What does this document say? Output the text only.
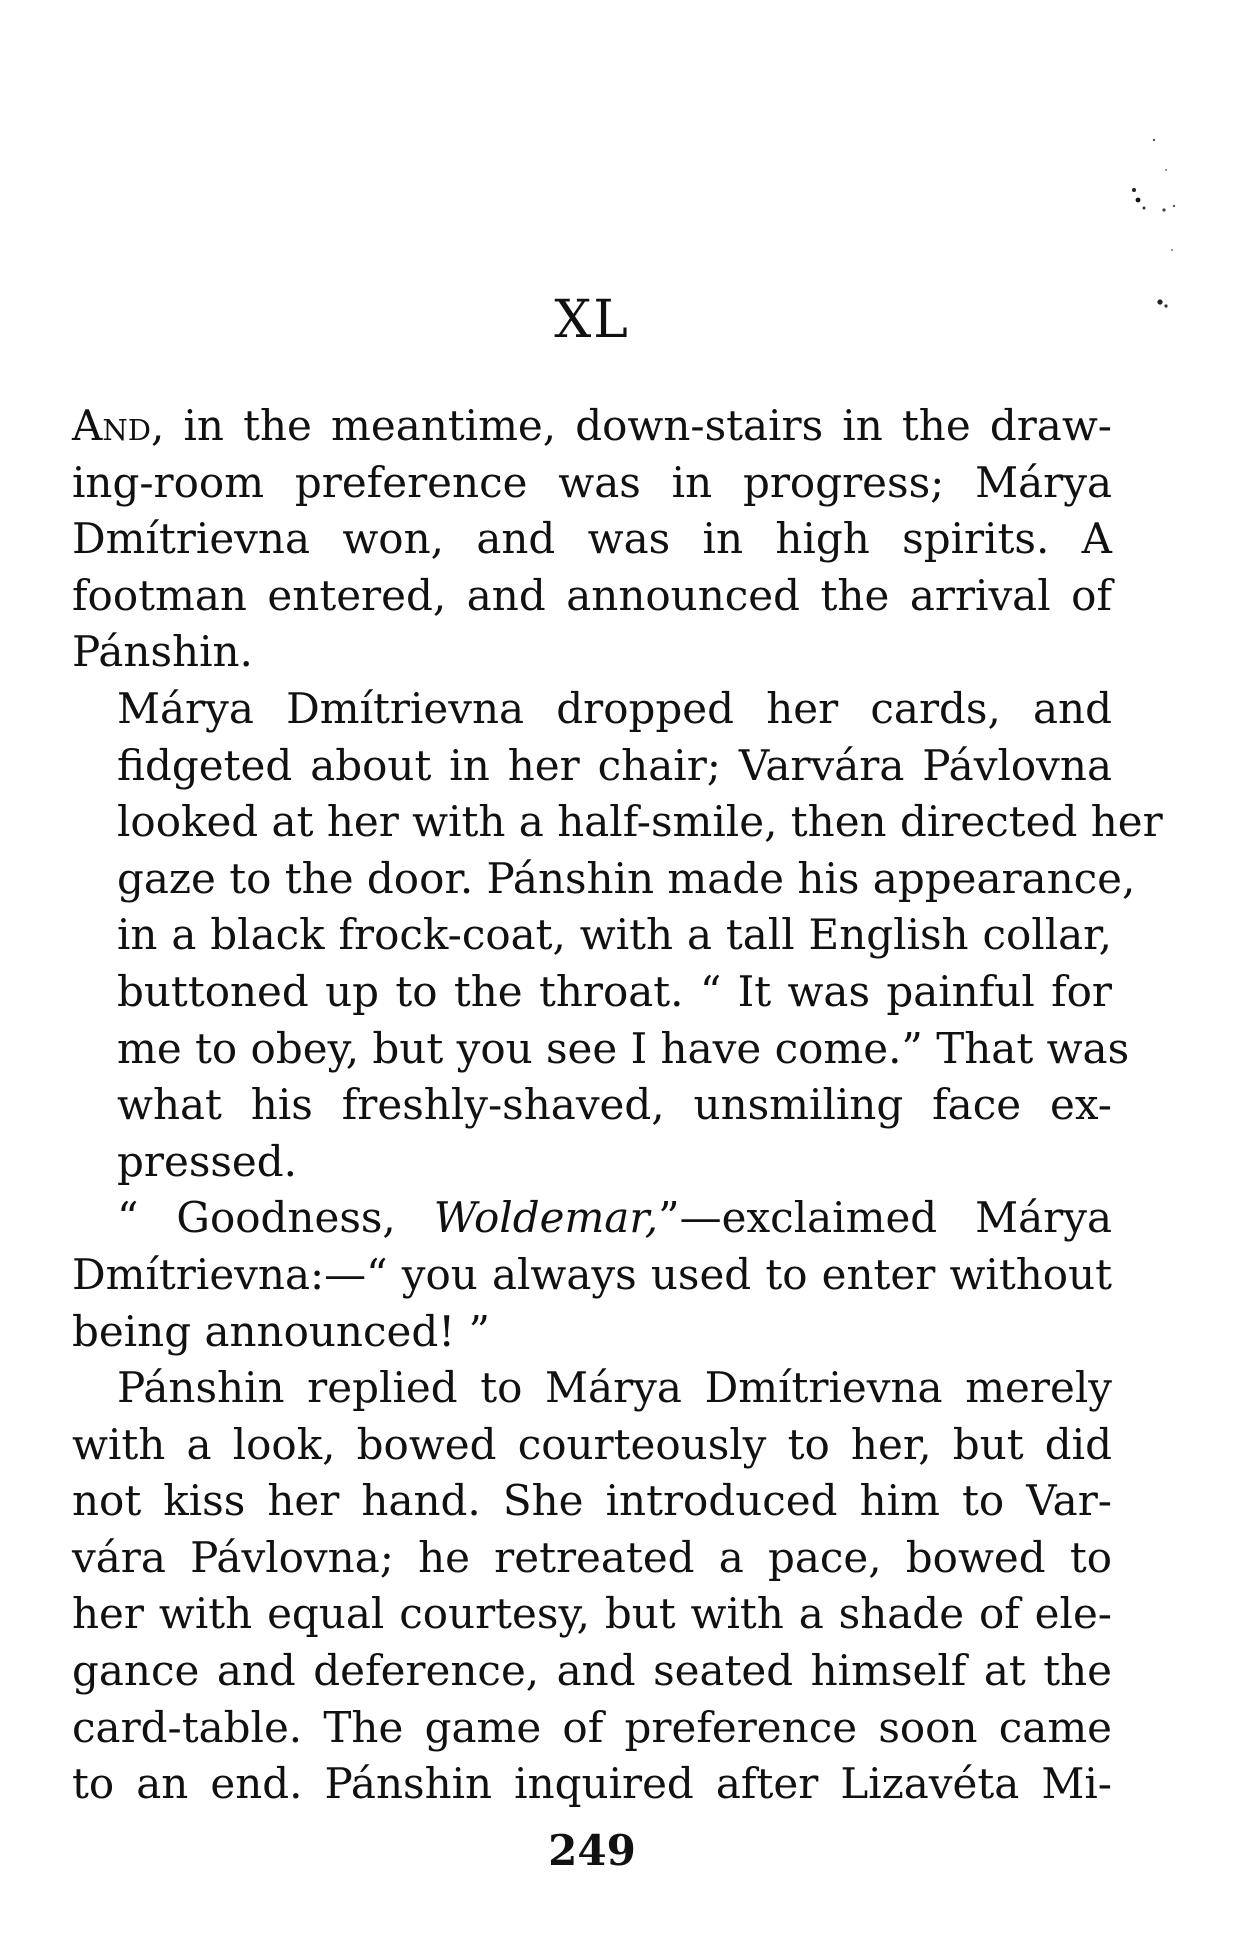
XL

And, in the meantime, down-stairs in the draw-
ing-room preference was in progress; Márya
Dmítrievna won, and was in high spirits. A
footman entered, and announced the arrival of
Pánshin.

Márya Dmítrievna dropped her cards, and
fidgeted about in her chair; Varvára Pávlovna
looked at her with a half-smile, then directed her
gaze to the door. Pánshin made his appearance,
in a black frock-coat, with a tall English collar,
buttoned up to the throat. “ It was painful for
me to obey, but you see I have come.” That was
what his freshly-shaved, unsmiling face ex-
pressed.

“ Goodness, Woldemar,”—exclaimed Márya
Dmítrievna:—“ you always used to enter without
being announced! ”

Pánshin replied to Márya Dmítrievna merely
with a look, bowed courteously to her, but did
not kiss her hand. She introduced him to Var-
vára Pávlovna; he retreated a pace, bowed to
her with equal courtesy, but with a shade of ele-
gance and deference, and seated himself at the
card-table. The game of preference soon came
to an end. Pánshin inquired after Lizavéta Mi-

249
